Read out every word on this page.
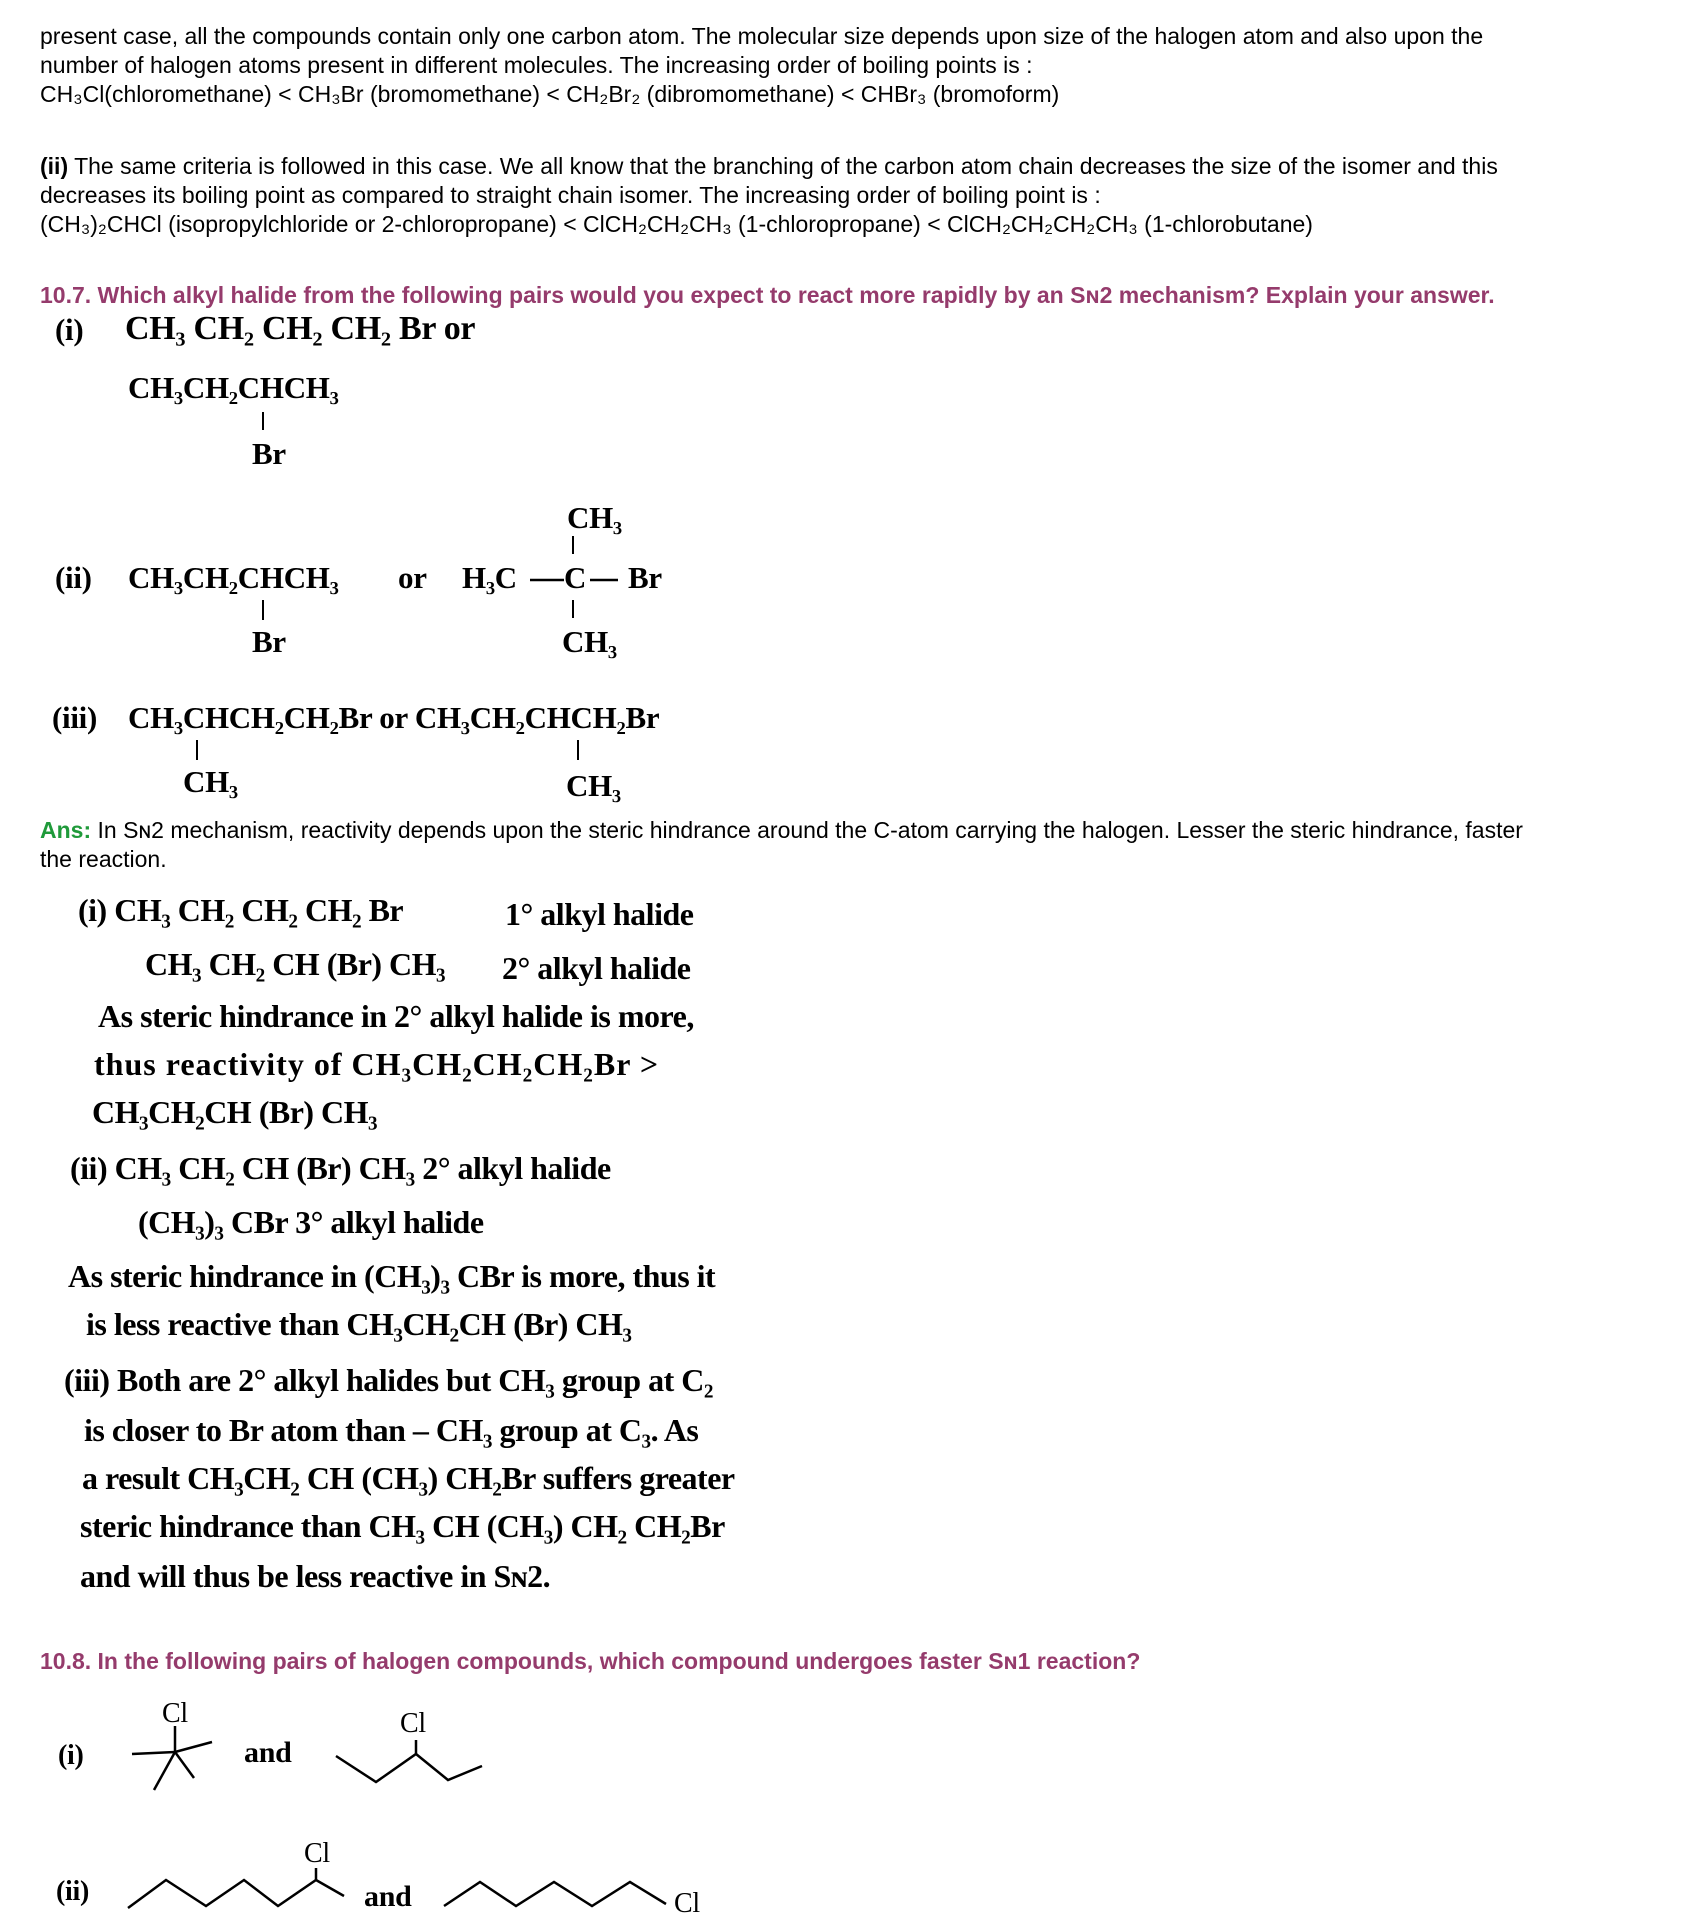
present case, all the compounds contain only one carbon atom. The molecular size depends upon size of the halogen atom and also upon the
number of halogen atoms present in different molecules. The increasing order of boiling points is :
CH₃Cl(chloromethane) < CH₃Br (bromomethane) < CH₂Br₂ (dibromomethane) < CHBr₃ (bromoform)
(ii) The same criteria is followed in this case. We all know that the branching of the carbon atom chain decreases the size of the isomer and this
decreases its boiling point as compared to straight chain isomer. The increasing order of boiling point is :
(CH₃)₂CHCl (isopropylchloride or 2-chloropropane) < ClCH₂CH₂CH₃ (1-chloropropane) < ClCH₂CH₂CH₂CH₃ (1-chlorobutane)
10.7. Which alkyl halide from the following pairs would you expect to react more rapidly by an Sɴ2 mechanism? Explain your answer.
(i) CH₃ CH₂ CH₂ CH₂ Br or
CH₃CH₂CHCH₃
Br
CH₃
(ii) CH₃CH₂CHCH₃ or H₃C C Br
Br	CH₃
(iii) CH₃CHCH₂CH₂Br or CH₃CH₂CHCH₂Br
CH₃	CH₃
Ans: In Sɴ2 mechanism, reactivity depends upon the steric hindrance around the C-atom carrying the halogen. Lesser the steric hindrance, faster
the reaction.
(i) CH₃ CH₂ CH₂ CH₂ Br	1° alkyl halide
CH₃ CH₂ CH (Br) CH₃ 2° alkyl halide
As steric hindrance in 2° alkyl halide is more,
thus reactivity of CH₃CH₂CH₂CH₂Br >
CH₃CH₂CH (Br) CH₃
(ii) CH₃ CH₂ CH (Br) CH₃ 2° alkyl halide
(CH₃)₃ CBr 3° alkyl halide
As steric hindrance in (CH₃)₃ CBr is more, thus it
is less reactive than CH₃CH₂CH (Br) CH₃
(iii) Both are 2° alkyl halides but CH₃ group at C₂
is closer to Br atom than – CH₃ group at C₃. As
a result CH₃CH₂ CH (CH₃) CH₂Br suffers greater
steric hindrance than CH₃ CH (CH₃) CH₂ CH₂Br
and will thus be less reactive in Sɴ2.
10.8. In the following pairs of halogen compounds, which compound undergoes faster Sɴ1 reaction?
(i)
Cl
and
Cl
(ii)
Cl
and	Cl
